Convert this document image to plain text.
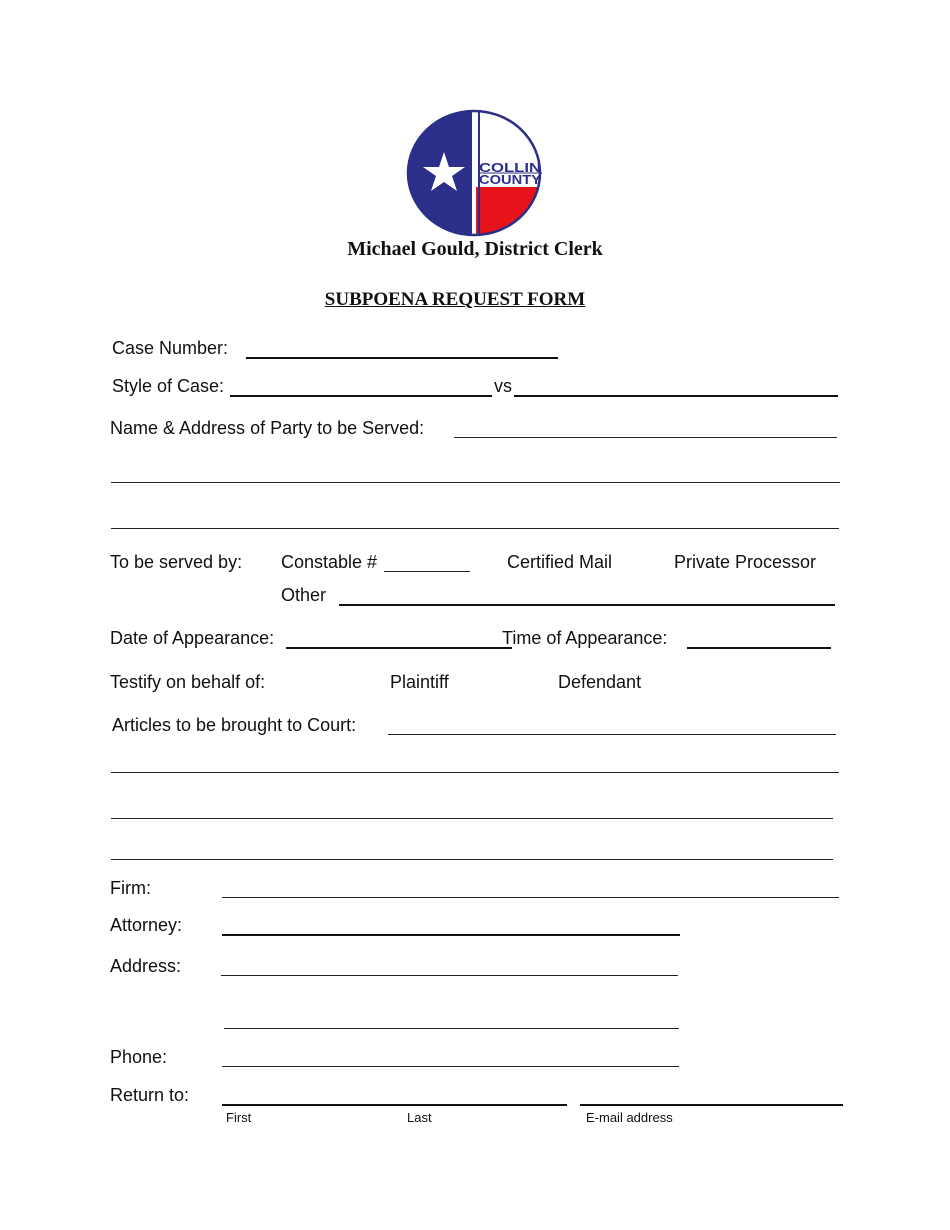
COLLIN
COUNTY
Michael Gould, District Clerk
SUBPOENA REQUEST FORM
Case Number:
Style of Case:	vs
Name & Address of Party to be Served:
To be served by: Constable #	Certified Mail	Private Processor
Other
Date of Appearance:	Time of Appearance:
Testify on behalf of:	Plaintiff	Defendant
Articles to be brought to Court:
Firm:
Attorney:
Address:
Phone:
Return to:
First	Last	E-mail address
